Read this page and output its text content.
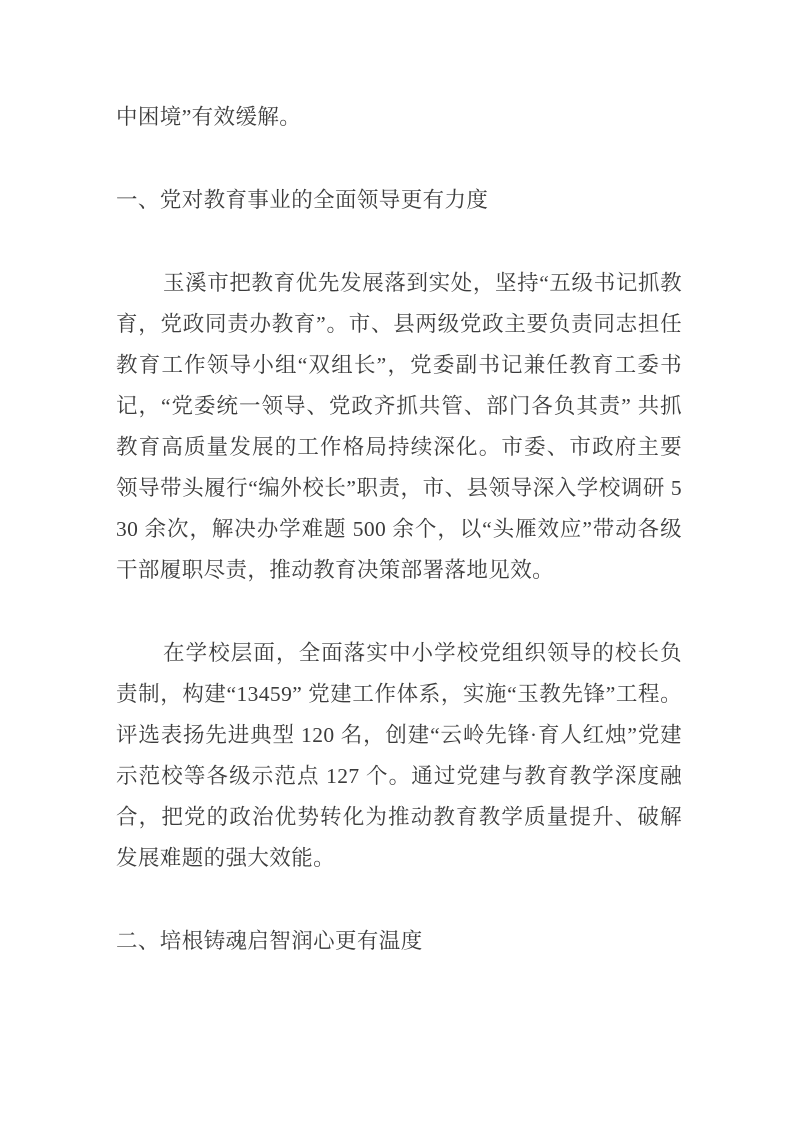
中困境”有效缓解。

一、党对教育事业的全面领导更有力度

玉溪市把教育优先发展落到实处，坚持“五级书记抓教育，党政同责办教育”。市、县两级党政主要负责同志担任教育工作领导小组“双组长”，党委副书记兼任教育工委书记，“党委统一领导、党政齐抓共管、部门各负其责” 共抓教育高质量发展的工作格局持续深化。市委、市政府主要领导带头履行“编外校长”职责，市、县领导深入学校调研 530 余次，解决办学难题 500 余个，以“头雁效应”带动各级干部履职尽责，推动教育决策部署落地见效。

在学校层面，全面落实中小学校党组织领导的校长负责制，构建“13459” 党建工作体系，实施“玉教先锋”工程。评选表扬先进典型 120 名，创建“云岭先锋·育人红烛”党建示范校等各级示范点 127 个。通过党建与教育教学深度融合，把党的政治优势转化为推动教育教学质量提升、破解发展难题的强大效能。

二、培根铸魂启智润心更有温度
